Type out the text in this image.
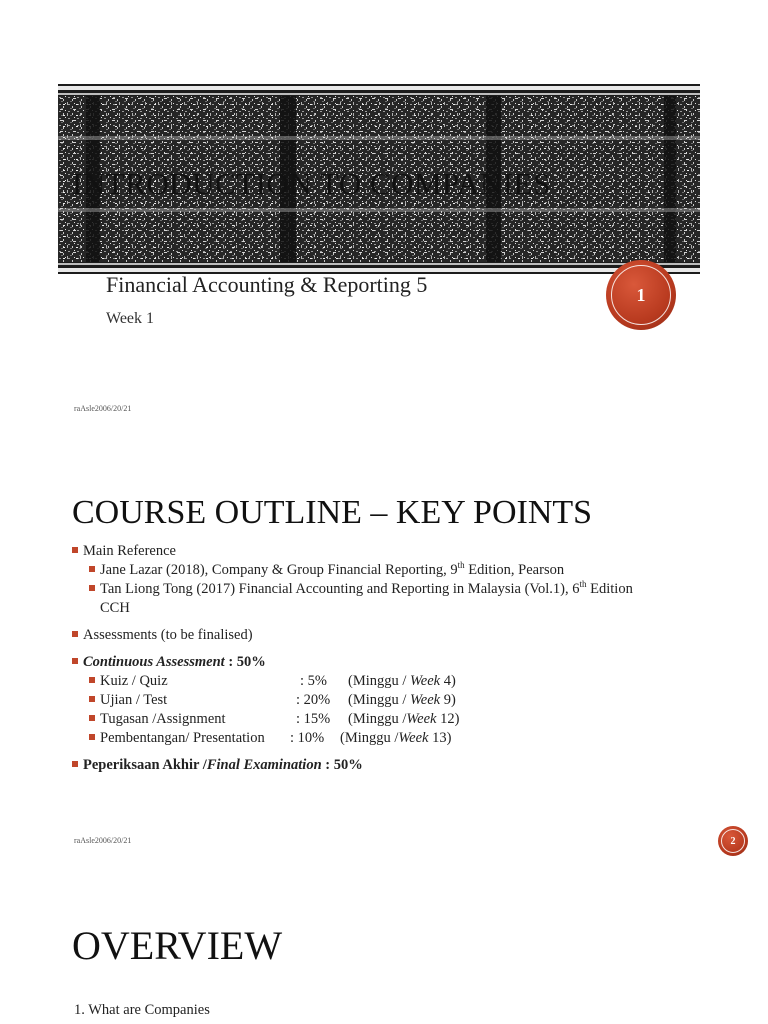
INTRODUCTION TO COMPANIES
Financial Accounting & Reporting 5
Week 1
1
raAsle2006/20/21
COURSE OUTLINE – KEY POINTS
Main Reference
Jane Lazar (2018), Company & Group Financial Reporting, 9th Edition, Pearson
Tan Liong Tong (2017) Financial Accounting and Reporting in Malaysia (Vol.1), 6th Edition
CCH
Assessments (to be finalised)
Continuous Assessment : 50%
Kuiz / Quiz	: 5% (Minggu / Week 4)
Ujian / Test	: 20% (Minggu / Week 9)
Tugasan /Assignment	: 15% (Minggu /Week 12)
Pembentangan/ Presentation : 10% (Minggu /Week 13)
Peperiksaan Akhir /Final Examination : 50%
raAsle2006/20/21	2
OVERVIEW
1. What are Companies
